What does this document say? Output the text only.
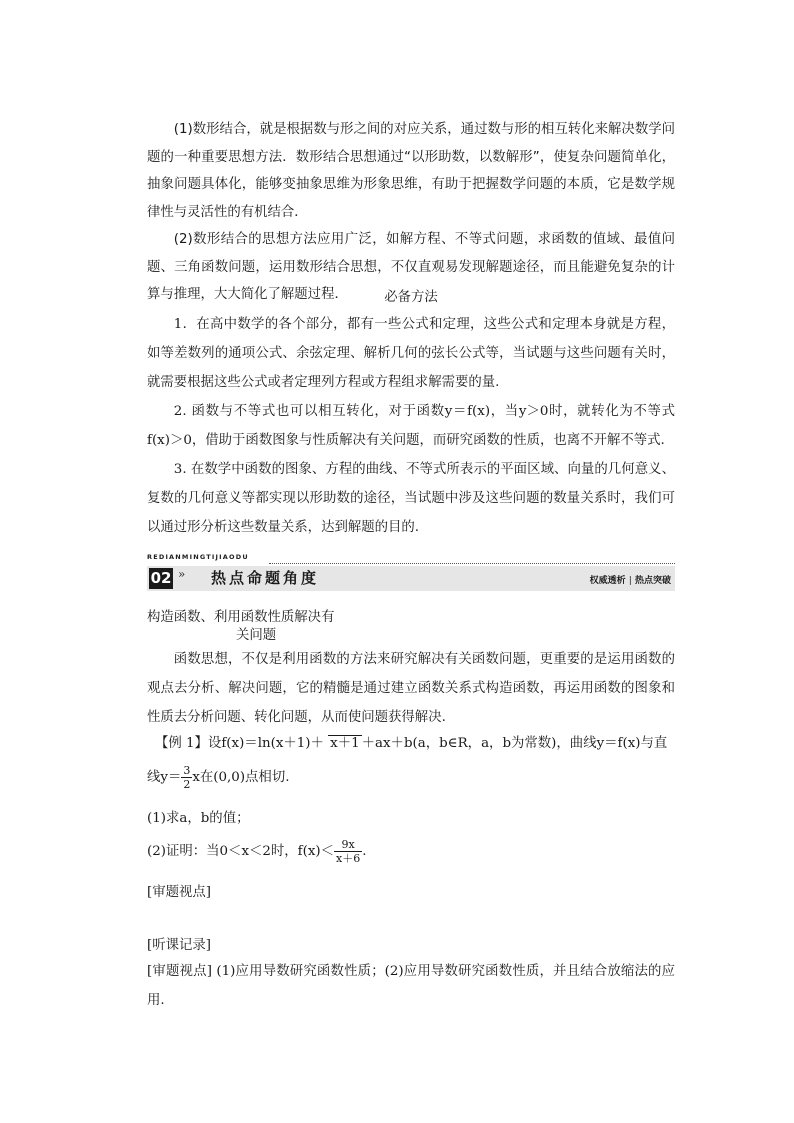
(1)数形结合，就是根据数与形之间的对应关系，通过数与形的相互转化来解决数学问题的一种重要思想方法．数形结合思想通过“以形助数，以数解形”，使复杂问题简单化，抽象问题具体化，能够变抽象思维为形象思维，有助于把握数学问题的本质，它是数学规律性与灵活性的有机结合．

(2)数形结合的思想方法应用广泛，如解方程、不等式问题，求函数的值域、最值问题、三角函数问题，运用数形结合思想，不仅直观易发现解题途径，而且能避免复杂的计算与推理，大大简化了解题过程．	必备方法

1．在高中数学的各个部分，都有一些公式和定理，这些公式和定理本身就是方程，如等差数列的通项公式、余弦定理、解析几何的弦长公式等，当试题与这些问题有关时，就需要根据这些公式或者定理列方程或方程组求解需要的量.

2. 函数与不等式也可以相互转化，对于函数y＝f(x)，当y＞0时，就转化为不等式f(x)＞0，借助于函数图象与性质解决有关问题，而研究函数的性质，也离不开解不等式.

3. 在数学中函数的图象、方程的曲线、不等式所表示的平面区域、向量的几何意义、复数的几何意义等都实现以形助数的途径，当试题中涉及这些问题的数量关系时，我们可以通过形分析这些数量关系，达到解题的目的.

REDIANMINGTIJIAODU
02 » 热点命题角度	权威透析 | 热点突破
构造函数、利用函数性质解决有
关问题

函数思想，不仅是利用函数的方法来研究解决有关函数问题，更重要的是运用函数的观点去分析、解决问题，它的精髓是通过建立函数关系式构造函数，再运用函数的图象和性质去分析问题、转化问题，从而使问题获得解决.

【例 1】设f(x)＝ln(x＋1)＋ x＋1 ＋ax＋b(a，b∈R，a，b为常数)，曲线y＝f(x)与直
线$y= \frac{3}{2}$ x在(0,0)点相切.
(1)求a，b的值；
(2)证明：当0＜x＜2时，$f(x)< \frac{9x}{x+6}$ .
[审题视点]
[听课记录]

[审题视点] (1)应用导数研究函数性质；(2)应用导数研究函数性质，并且结合放缩法的应用.
